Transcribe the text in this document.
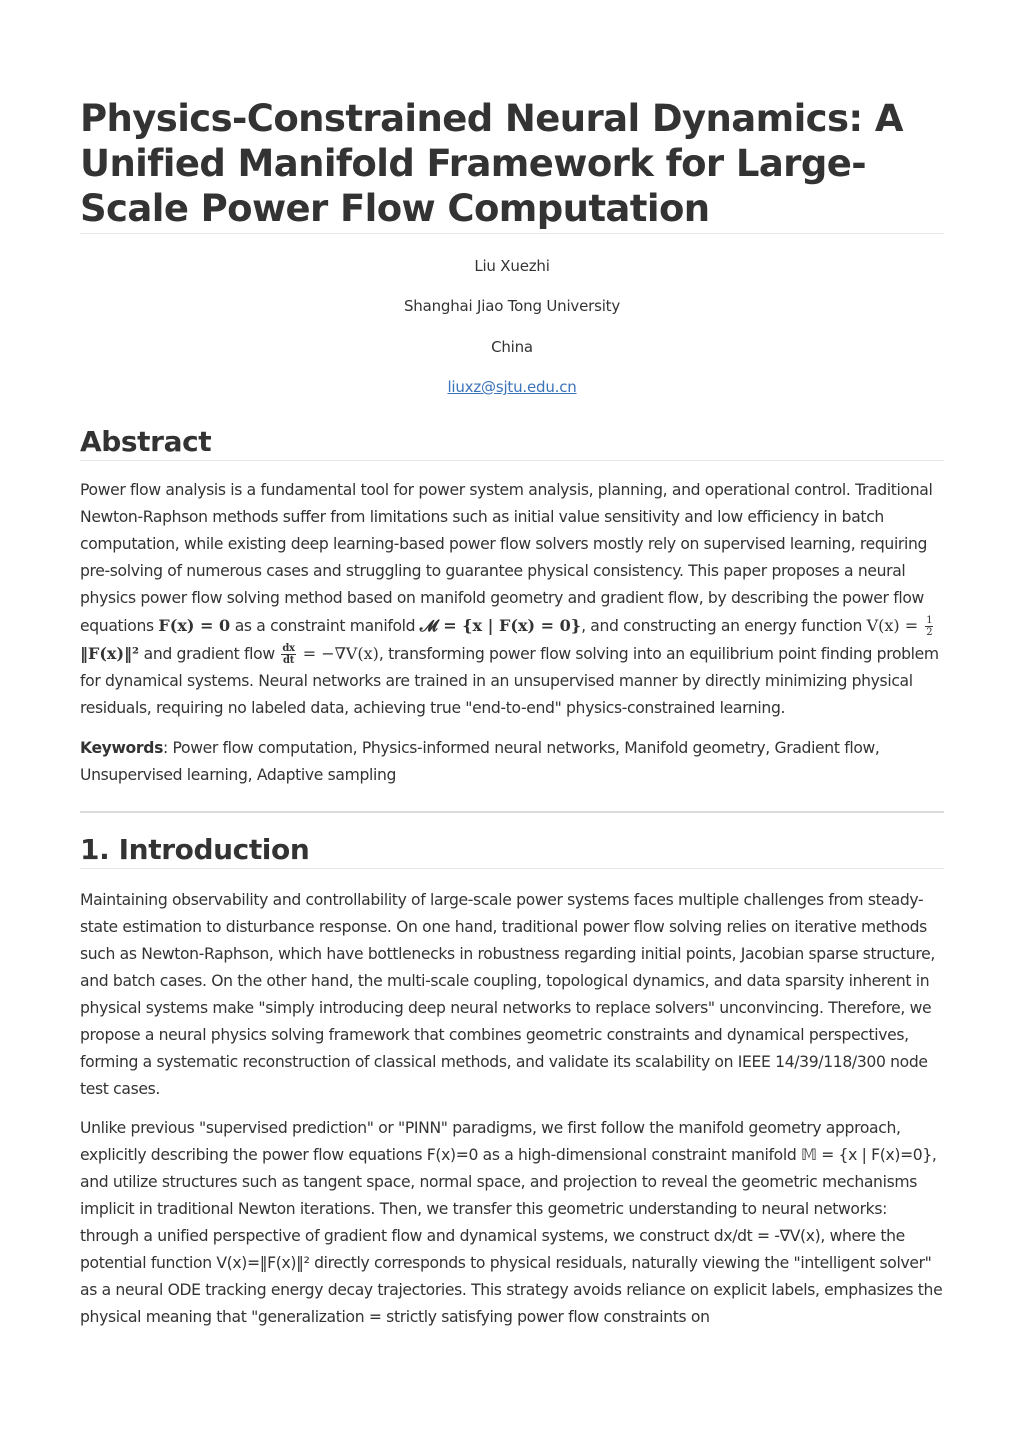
Physics-Constrained Neural Dynamics: A Unified Manifold Framework for Large-Scale Power Flow Computation

Liu Xuezhi

Shanghai Jiao Tong University

China

liuxz@sjtu.edu.cn

Abstract

Power flow analysis is a fundamental tool for power system analysis, planning, and operational control. Traditional Newton-Raphson methods suffer from limitations such as initial value sensitivity and low efficiency in batch computation, while existing deep learning-based power flow solvers mostly rely on supervised learning, requiring pre-solving of numerous cases and struggling to guarantee physical consistency. This paper proposes a neural physics power flow solving method based on manifold geometry and gradient flow, by describing the power flow equations F(x) = 0 as a constraint manifold 𝓜 = {x | F(x) = 0}, and constructing an energy function $V(x) = \frac{1}{2}$
‖F(x)‖² and gradient flow $\frac{dx}{dt} = -\nabla V(x)$, transforming power flow solving into an equilibrium point finding problem for dynamical systems. Neural networks are trained in an unsupervised manner by directly minimizing physical residuals, requiring no labeled data, achieving true "end-to-end" physics-constrained learning.

Keywords: Power flow computation, Physics-informed neural networks, Manifold geometry, Gradient flow, Unsupervised learning, Adaptive sampling

1. Introduction

Maintaining observability and controllability of large-scale power systems faces multiple challenges from steady-state estimation to disturbance response. On one hand, traditional power flow solving relies on iterative methods such as Newton-Raphson, which have bottlenecks in robustness regarding initial points, Jacobian sparse structure, and batch cases. On the other hand, the multi-scale coupling, topological dynamics, and data sparsity inherent in physical systems make "simply introducing deep neural networks to replace solvers" unconvincing. Therefore, we propose a neural physics solving framework that combines geometric constraints and dynamical perspectives, forming a systematic reconstruction of classical methods, and validate its scalability on IEEE 14/39/118/300 node test cases.

Unlike previous "supervised prediction" or "PINN" paradigms, we first follow the manifold geometry approach, explicitly describing the power flow equations F(x)=0 as a high-dimensional constraint manifold 𝕄 = {x | F(x)=0}, and utilize structures such as tangent space, normal space, and projection to reveal the geometric mechanisms implicit in traditional Newton iterations. Then, we transfer this geometric understanding to neural networks: through a unified perspective of gradient flow and dynamical systems, we construct dx/dt = -∇V(x), where the potential function V(x)=‖F(x)‖² directly corresponds to physical residuals, naturally viewing the "intelligent solver" as a neural ODE tracking energy decay trajectories. This strategy avoids reliance on explicit labels, emphasizes the physical meaning that "generalization = strictly satisfying power flow constraints on
